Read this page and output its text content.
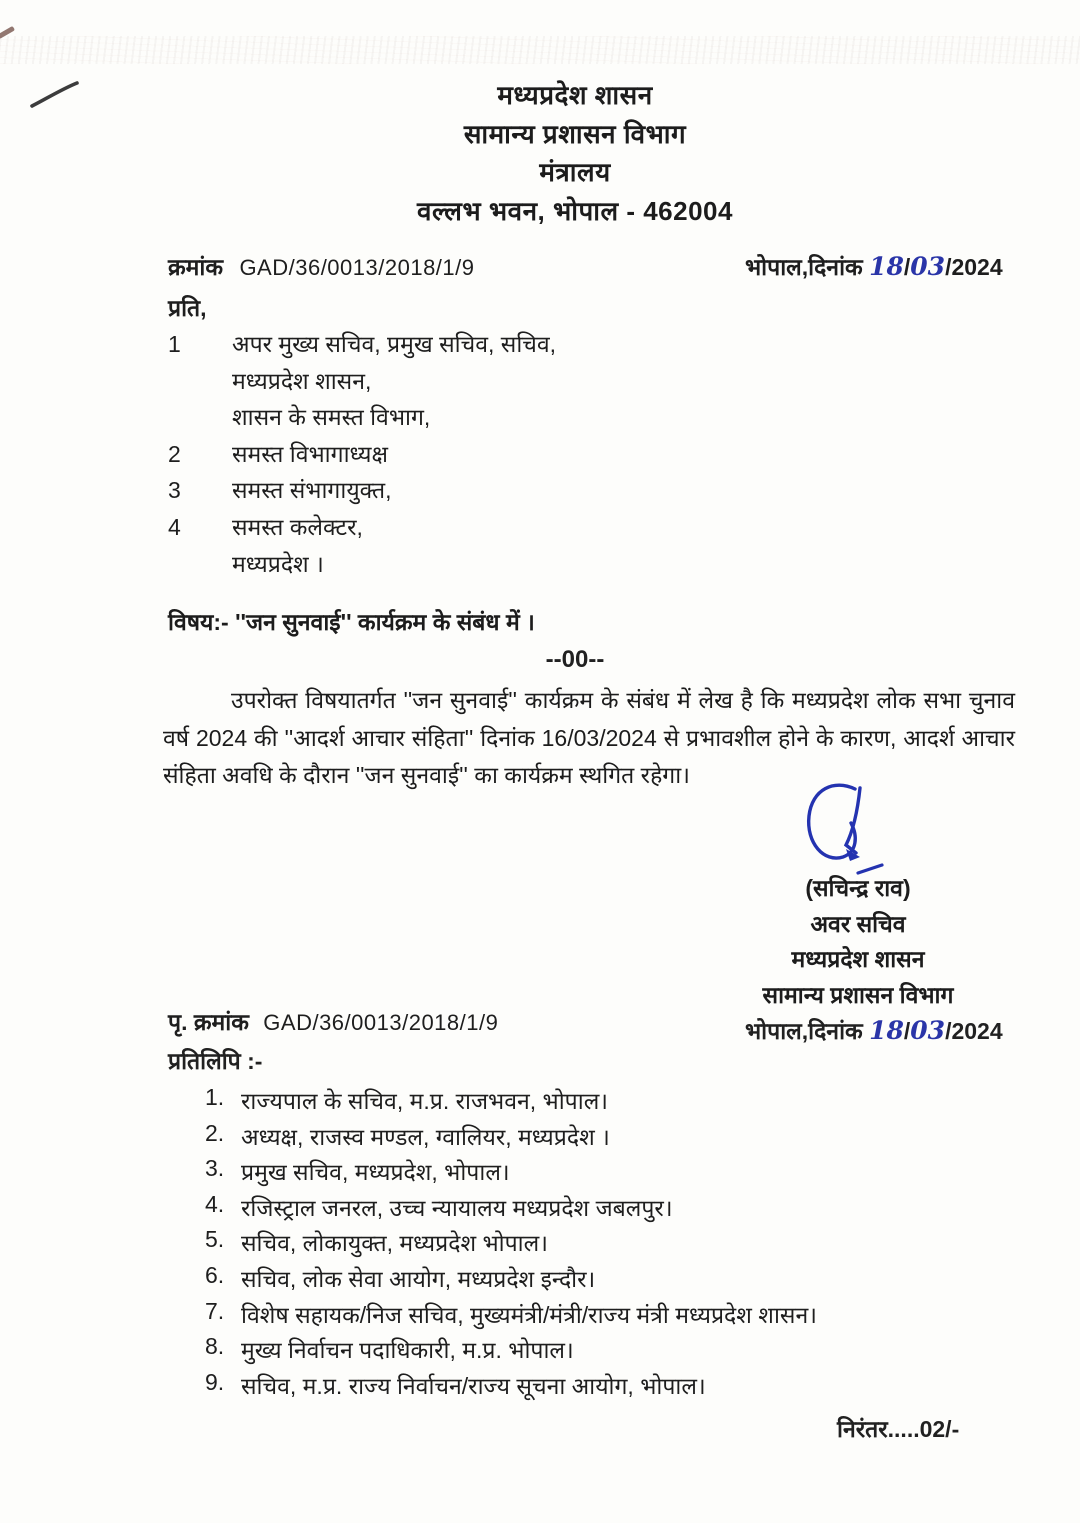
मध्यप्रदेश शासन
सामान्य प्रशासन विभाग
मंत्रालय
वल्लभ भवन, भोपाल - 462004
क्रमांक GAD/36/0013/2018/1/9	भोपाल,दिनांक 18/03/2024
प्रति,
1	अपर मुख्य सचिव, प्रमुख सचिव, सचिव,
मध्यप्रदेश शासन,
शासन के समस्त विभाग,
2	समस्त विभागाध्यक्ष
3	समस्त संभागायुक्त,
4	समस्त कलेक्टर,
मध्यप्रदेश ।
विषय:- ''जन सुनवाई'' कार्यक्रम के संबंध में ।
--00--
उपरोक्त विषयातर्गत ''जन सुनवाई'' कार्यक्रम के संबंध में लेख है कि मध्यप्रदेश लोक सभा चुनाव वर्ष 2024 की ''आदर्श आचार संहिता'' दिनांक 16/03/2024 से प्रभावशील होने के कारण, आदर्श आचार संहिता अवधि के दौरान ''जन सुनवाई'' का कार्यक्रम स्थगित रहेगा।
(सचिन्द्र राव)
अवर सचिव
मध्यप्रदेश शासन
सामान्य प्रशासन विभाग
भोपाल,दिनांक 18/03/2024
पृ. क्रमांक GAD/36/0013/2018/1/9
प्रतिलिपि :-
1. राज्यपाल के सचिव, म.प्र. राजभवन, भोपाल।
2. अध्यक्ष, राजस्व मण्डल, ग्वालियर, मध्यप्रदेश ।
3. प्रमुख सचिव, मध्यप्रदेश, भोपाल।
4. रजिस्ट्राल जनरल, उच्च न्यायालय मध्यप्रदेश जबलपुर।
5. सचिव, लोकायुक्त, मध्यप्रदेश भोपाल।
6. सचिव, लोक सेवा आयोग, मध्यप्रदेश इन्दौर।
7. विशेष सहायक/निज सचिव, मुख्यमंत्री/मंत्री/राज्य मंत्री मध्यप्रदेश शासन।
8. मुख्य निर्वाचन पदाधिकारी, म.प्र. भोपाल।
9. सचिव, म.प्र. राज्य निर्वाचन/राज्य सूचना आयोग, भोपाल।
निरंतर.....02/-
